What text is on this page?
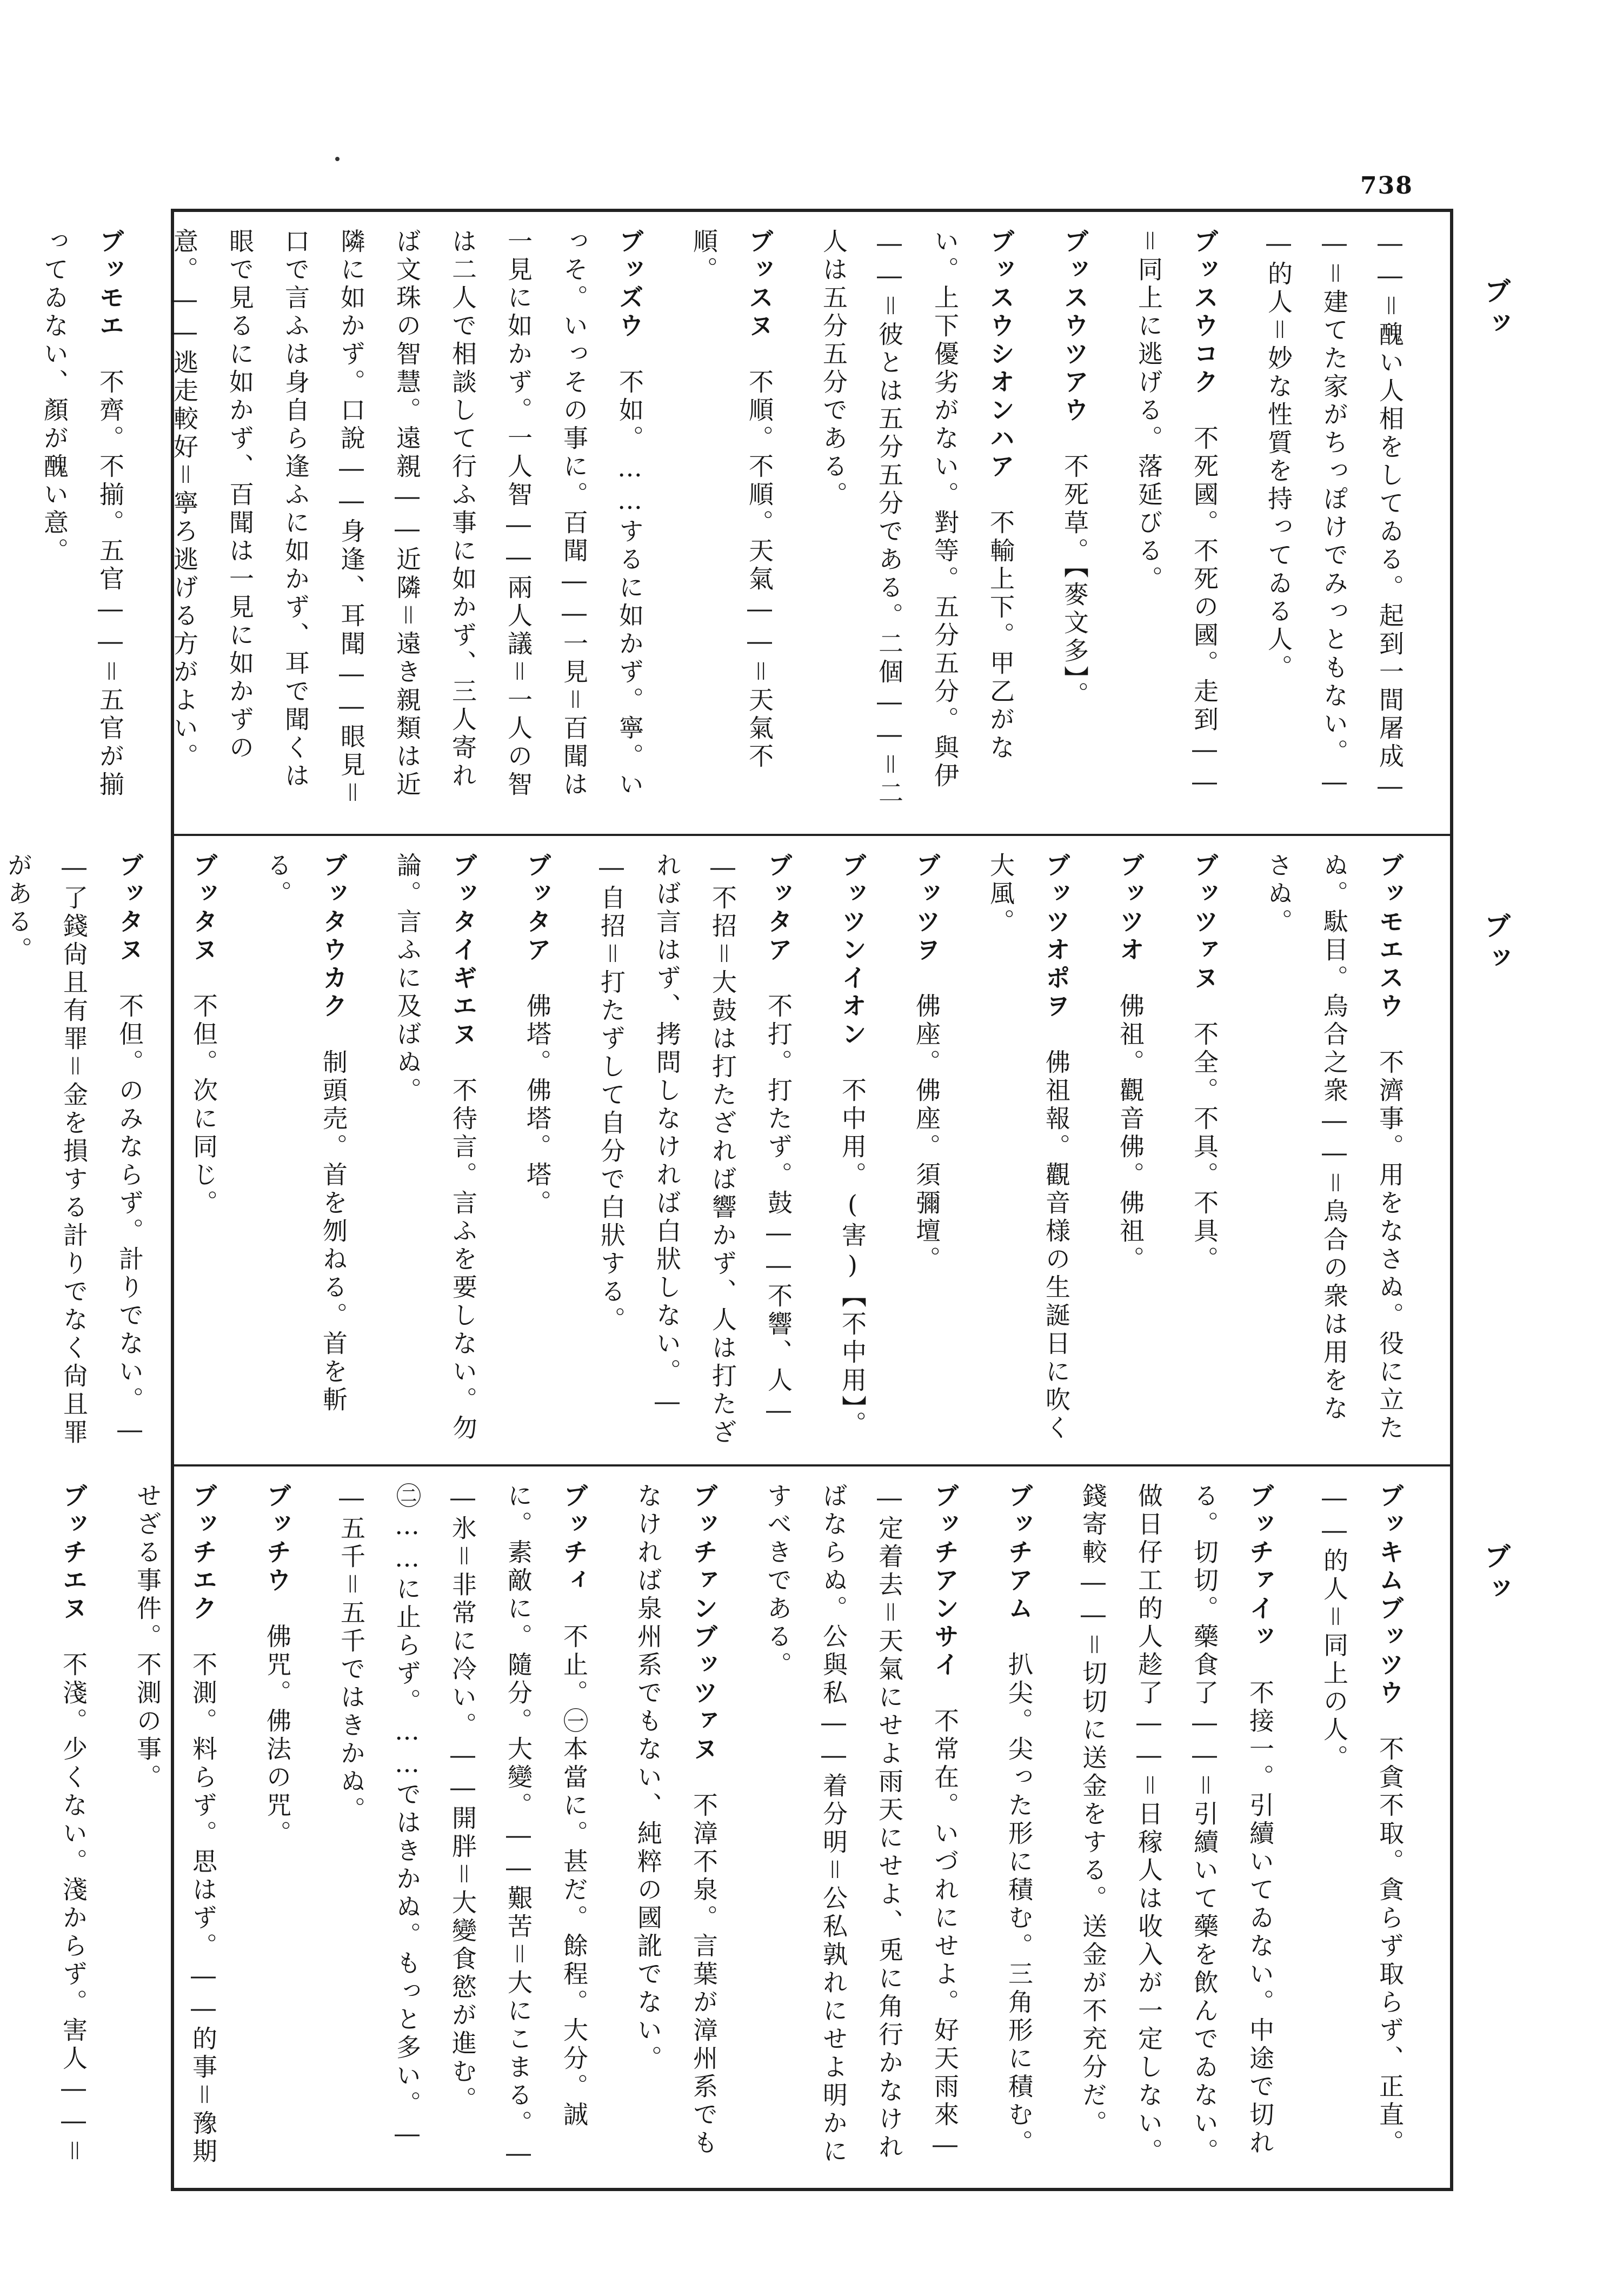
738
ブッ
――＝醜い人相をしてゐる。起到一間屠成――＝建てた家がちっぽけでみっともない。――的人＝妙な性質を持ってゐる人。
ブッスウコク　不死國。不死の國。走到――＝同上に逃げる。落延びる。
ブッスウツアウ　不死草。【麥文多】。
ブッスウシオンハア　不輸上下。甲乙がない。上下優劣がない。對等。五分五分。與伊――＝彼とは五分五分である。二個――＝二人は五分五分である。
ブッスヌ　不順。不順。天氣――＝天氣不順。
ブッズウ　不如。……するに如かず。寧。いっそ。いっその事に。百聞――一見＝百聞は一見に如かず。一人智――兩人議＝一人の智は二人で相談して行ふ事に如かず、三人寄れば文珠の智慧。遠親――近隣＝遠き親類は近隣に如かず。口說――身逢、耳聞――眼見＝口で言ふは身自ら逢ふに如かず、耳で聞くは眼で見るに如かず、百聞は一見に如かずの意。――逃走較好＝寧ろ逃げる方がよい。
ブッモエ　不齊。不揃。五官――＝五官が揃ってゐない、顏が醜い意。

ブッ
ブッモエスウ　不濟事。用をなさぬ。役に立たぬ。駄目。烏合之衆――＝烏合の衆は用をなさぬ。
ブッツァヌ　不全。不具。不具。
ブッツオ　佛祖。觀音佛。佛祖。
ブッツオポヲ　佛祖報。觀音様の生誕日に吹く大風。
ブッツヲ　佛座。佛座。須彌壇。
ブッツンイオン　不中用。(害)【不中用】。
ブッタア　不打。打たず。鼓――不響、人――不招＝大鼓は打たざれば響かず、人は打たざれば言はず、拷問しなければ白狀しない。――自招＝打たずして自分で白狀する。
ブッタア　佛塔。佛塔。塔。
ブッタイギエヌ　不待言。言ふを要しない。勿論。言ふに及ばぬ。
ブッタウカク　制頭売。首を刎ねる。首を斬る。
ブッタヌ　不但。次に同じ。
ブッタヌ　不但。のみならず。計りでない。――了錢尙且有罪＝金を損する計りでなく尙且罪がある。

ブッ
ブッキムブッツウ　不貪不取。貪らず取らず、正直。――的人＝同上の人。
ブッチァイッ　不接一。引續いてゐない。中途で切れる。切切。藥食了――＝引續いて藥を飲んでゐない。做日仔工的人趁了――＝日稼人は收入が一定しない。錢寄較――＝切切に送金をする。送金が不充分だ。
ブッチアム　扒尖。尖った形に積む。三角形に積む。
ブッチアンサイ　不常在。いづれにせよ。好天雨來――定着去＝天氣にせよ雨天にせよ、兎に角行かなければならぬ。公與私――着分明＝公私孰れにせよ明かにすべきである。
ブッチァンブッツァヌ　不漳不泉。言葉が漳州系でもなければ泉州系でもない、純粹の國訛でない。
ブッチィ　不止。㊀本當に。甚だ。餘程。大分。誠に。素敵に。隨分。大變。――艱苦＝大にこまる。――氷＝非常に冷い。――開胖＝大變食慾が進む。㊁……に止らず。……ではきかぬ。もっと多い。――五千＝五千ではきかぬ。
ブッチウ　佛咒。佛法の咒。
ブッチエク　不測。料らず。思はず。――的事＝豫期せざる事件。不測の事。
ブッチエヌ　不淺。少くない。淺からず。害人――＝
